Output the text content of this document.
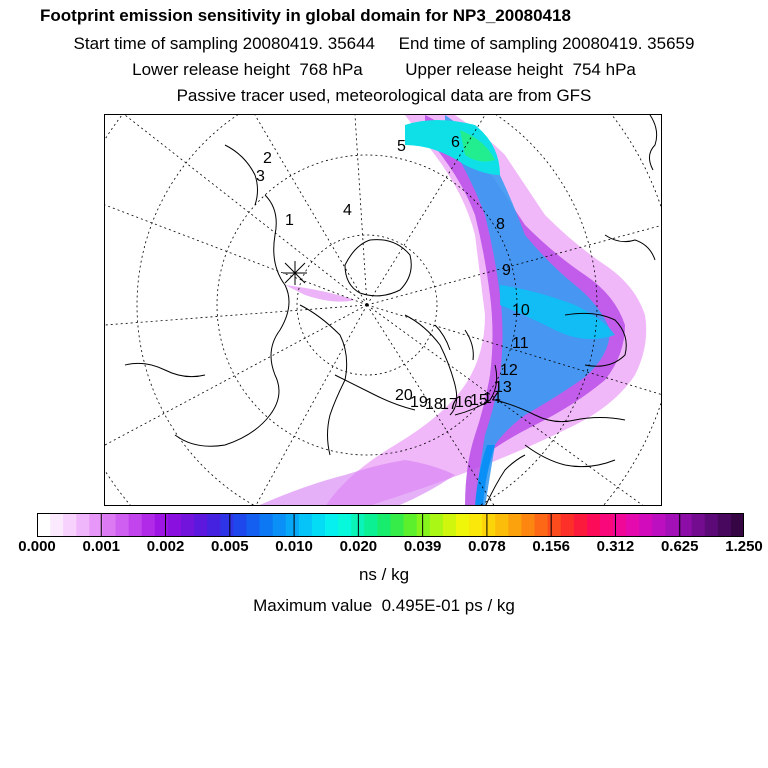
Footprint emission sensitivity in global domain for NP3_20080418
Start time of sampling 20080419. 35644     End time of sampling 20080419. 35659
Lower release height  768 hPa         Upper release height  754 hPa
Passive tracer used, meteorological data are from GFS
1
2
3
4
5	6
8
9
10
11
12
13
14
15
16
17
18
19
20
0.000 0.001 0.002 0.005 0.010 0.020 0.039 0.078 0.156 0.312 0.625 1.250
ns / kg
Maximum value  0.495E-01 ps / kg
